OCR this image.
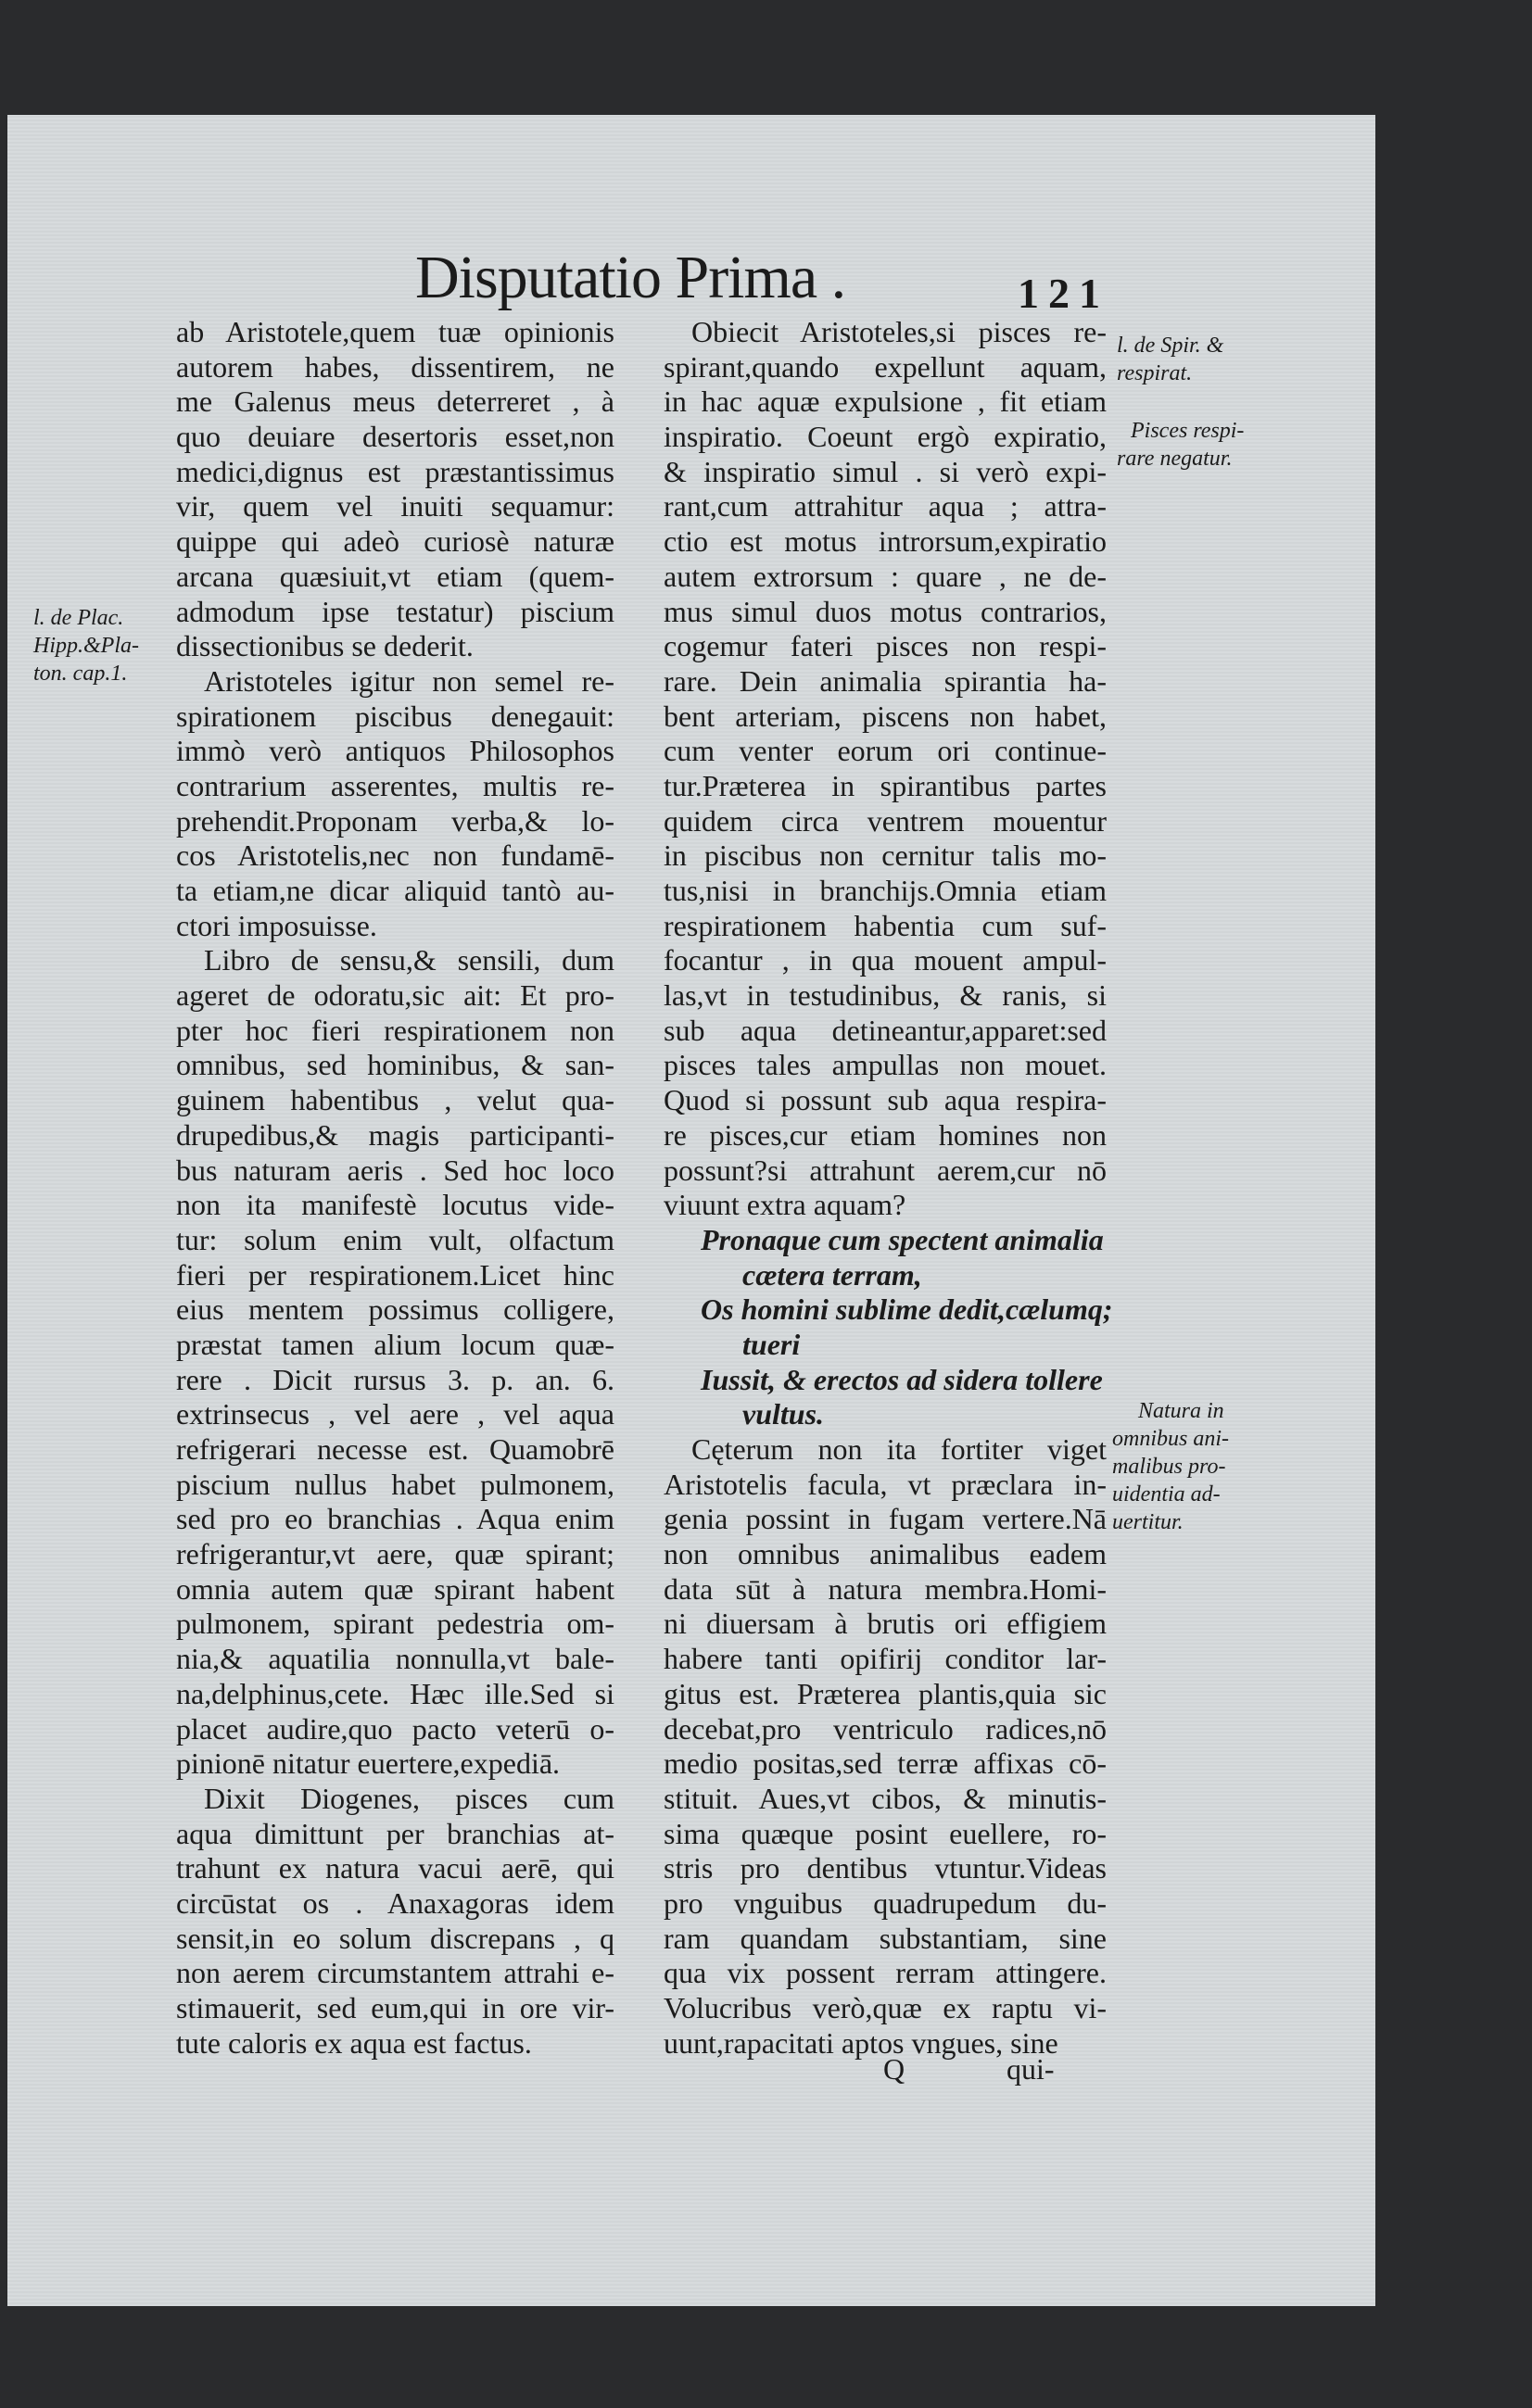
Disputatio Prima .	121
ab Aristotele,quem tuæ opinionis
autorem habes, dissentirem, ne
me Galenus meus deterreret , à
quo deuiare desertoris esset,non
medici,dignus est præstantissimus
vir, quem vel inuiti sequamur:
quippe qui adeò curiosè naturæ
arcana quæsiuit,vt etiam (quem-
admodum ipse testatur) piscium
dissectionibus se dederit.
Aristoteles igitur non semel re-
spirationem piscibus denegauit:
immò verò antiquos Philosophos
contrarium asserentes, multis re-
prehendit.Proponam verba,& lo-
cos Aristotelis,nec non fundamē-
ta etiam,ne dicar aliquid tantò au-
ctori imposuisse.
Libro de sensu,& sensili, dum
ageret de odoratu,sic ait: Et pro-
pter hoc fieri respirationem non
omnibus, sed hominibus, & san-
guinem habentibus , velut qua-
drupedibus,& magis participanti-
bus naturam aeris . Sed hoc loco
non ita manifestè locutus vide-
tur: solum enim vult, olfactum
fieri per respirationem.Licet hinc
eius mentem possimus colligere,
præstat tamen alium locum quæ-
rere . Dicit rursus 3. p. an. 6.
extrinsecus , vel aere , vel aqua
refrigerari necesse est. Quamobrē
piscium nullus habet pulmonem,
sed pro eo branchias . Aqua enim
refrigerantur,vt aere, quæ spirant;
omnia autem quæ spirant habent
pulmonem, spirant pedestria om-
nia,& aquatilia nonnulla,vt bale-
na,delphinus,cete. Hæc ille.Sed si
placet audire,quo pacto veterū o-
pinionē nitatur euertere,expediā.
Dixit Diogenes, pisces cum
aqua dimittunt per branchias at-
trahunt ex natura vacui aerē, qui
circūstat os . Anaxagoras idem
sensit,in eo solum discrepans , q
non aerem circumstantem attrahi e-
stimauerit, sed eum,qui in ore vir-
tute caloris ex aqua est factus.
Obiecit Aristoteles,si pisces re-
spirant,quando expellunt aquam,
in hac aquæ expulsione , fit etiam
inspiratio. Coeunt ergò expiratio,
& inspiratio simul . si verò expi-
rant,cum attrahitur aqua ; attra-
ctio est motus introrsum,expiratio
autem extrorsum : quare , ne de-
mus simul duos motus contrarios,
cogemur fateri pisces non respi-
rare. Dein animalia spirantia ha-
bent arteriam, piscens non habet,
cum venter eorum ori continue-
tur.Præterea in spirantibus partes
quidem circa ventrem mouentur
in piscibus non cernitur talis mo-
tus,nisi in branchijs.Omnia etiam
respirationem habentia cum suf-
focantur , in qua mouent ampul-
las,vt in testudinibus, & ranis, si
sub aqua detineantur,apparet:sed
pisces tales ampullas non mouet.
Quod si possunt sub aqua respira-
re pisces,cur etiam homines non
possunt?si attrahunt aerem,cur nō
viuunt extra aquam?
Pronaque cum spectent animalia
cætera terram,
Os homini sublime dedit,cælumq;
tueri
Iussit, & erectos ad sidera tollere
vultus.
Cęterum non ita fortiter viget
Aristotelis facula, vt præclara in-
genia possint in fugam vertere.Nā
non omnibus animalibus eadem
data sūt à natura membra.Homi-
ni diuersam à brutis ori effigiem
habere tanti opifirij conditor lar-
gitus est. Præterea plantis,quia sic
decebat,pro ventriculo radices,nō
medio positas,sed terræ affixas cō-
stituit. Aues,vt cibos, & minutis-
sima quæque posint euellere, ro-
stris pro dentibus vtuntur.Videas
pro vnguibus quadrupedum du-
ram quandam substantiam, sine
qua vix possent rerram attingere.
Volucribus verò,quæ ex raptu vi-
uunt,rapacitati aptos vngues, sine
Q	qui-
l. de Plac.
Hipp.&Pla-
ton. cap.1.
l. de Spir. &
respirat.
Pisces respi-
rare negatur.
Natura in
omnibus ani-
malibus pro-
uidentia ad-
uertitur.
